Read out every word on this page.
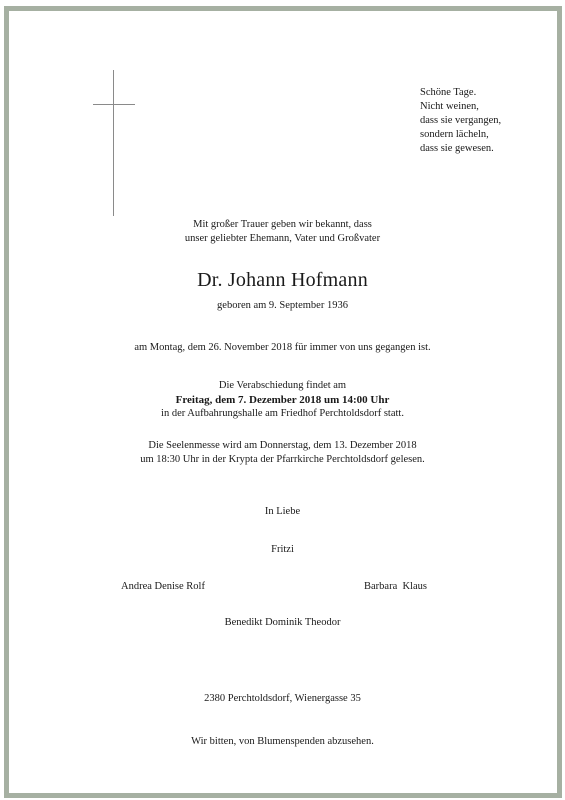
Schöne Tage.
Nicht weinen,
dass sie vergangen,
sondern lächeln,
dass sie gewesen.
Mit großer Trauer geben wir bekannt, dass
unser geliebter Ehemann, Vater und Großvater
Dr. Johann Hofmann
geboren am 9. September 1936
am Montag, dem 26. November 2018 für immer von uns gegangen ist.
Die Verabschiedung findet am
Freitag, dem 7. Dezember 2018 um 14:00 Uhr
in der Aufbahrungshalle am Friedhof Perchtoldsdorf statt.
Die Seelenmesse wird am Donnerstag, dem 13. Dezember 2018
um 18:30 Uhr in der Krypta der Pfarrkirche Perchtoldsdorf gelesen.
In Liebe
Fritzi
Andrea Denise Rolf	Barbara  Klaus
Benedikt Dominik Theodor
2380 Perchtoldsdorf, Wienergasse 35
Wir bitten, von Blumenspenden abzusehen.
